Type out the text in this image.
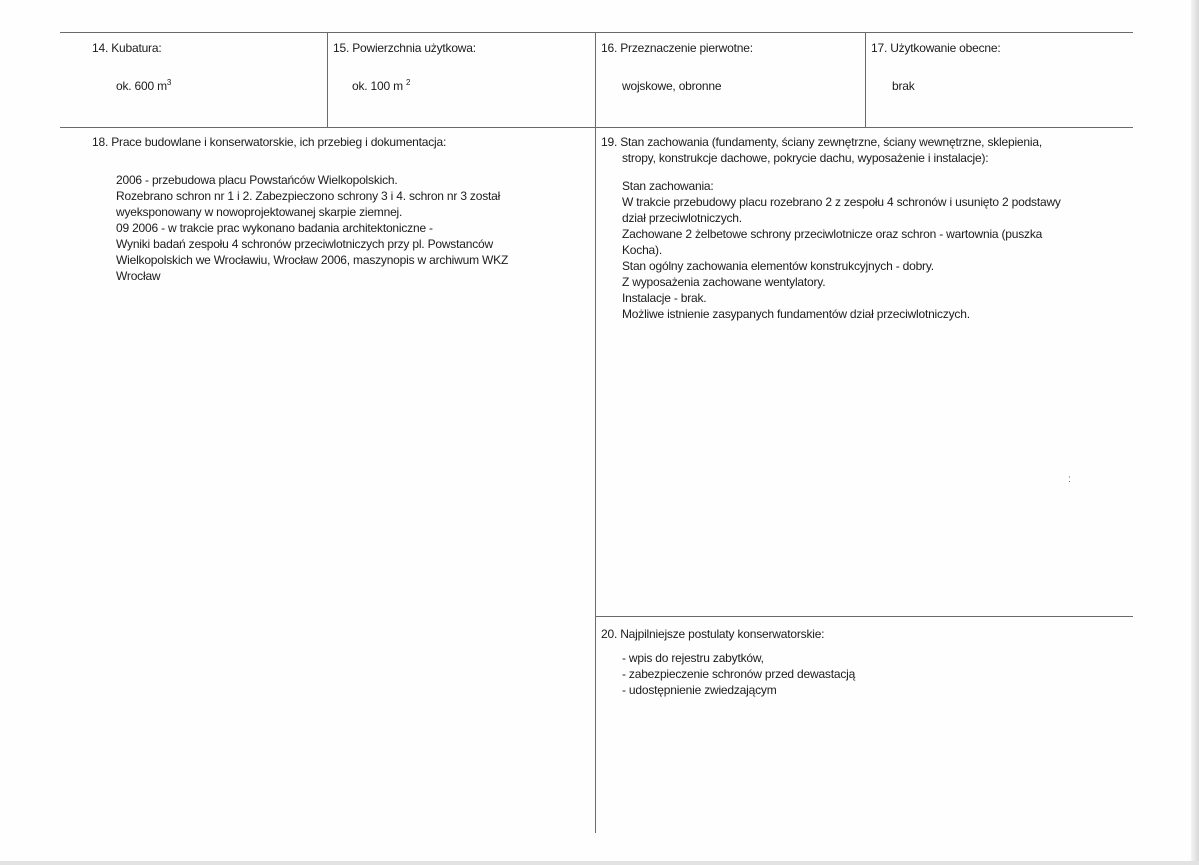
14. Kubatura:
ok. 600 $m^3$
15. Powierzchnia użytkowa:
ok. 100 m $^2$
16. Przeznaczenie pierwotne:
wojskowe, obronne
17. Użytkowanie obecne:
brak
18. Prace budowlane i konserwatorskie, ich przebieg i dokumentacja:
2006 - przebudowa placu Powstańców Wielkopolskich.
Rozebrano schron nr 1 i 2. Zabezpieczono schrony 3 i 4. schron nr 3 został
wyeksponowany w nowoprojektowanej skarpie ziemnej.
09 2006 - w trakcie prac wykonano badania architektoniczne -
Wyniki badań zespołu 4 schronów przeciwlotniczych przy pl. Powstanców
Wielkopolskich we Wrocławiu, Wrocław 2006, maszynopis w archiwum WKZ
Wrocław
19. Stan zachowania (fundamenty, ściany zewnętrzne, ściany wewnętrzne, sklepienia,
stropy, konstrukcje dachowe, pokrycie dachu, wyposażenie i instalacje):
Stan zachowania:
W trakcie przebudowy placu rozebrano 2 z zespołu 4 schronów i usunięto 2 podstawy
dział przeciwlotniczych.
Zachowane 2 żelbetowe schrony przeciwlotnicze oraz schron - wartownia (puszka
Kocha).
Stan ogólny zachowania elementów konstrukcyjnych - dobry.
Z wyposażenia zachowane wentylatory.
Instalacje - brak.
Możliwe istnienie zasypanych fundamentów dział przeciwlotniczych.
:
20. Najpilniejsze postulaty konserwatorskie:
- wpis do rejestru zabytków,
- zabezpieczenie schronów przed dewastacją
- udostępnienie zwiedzającym
